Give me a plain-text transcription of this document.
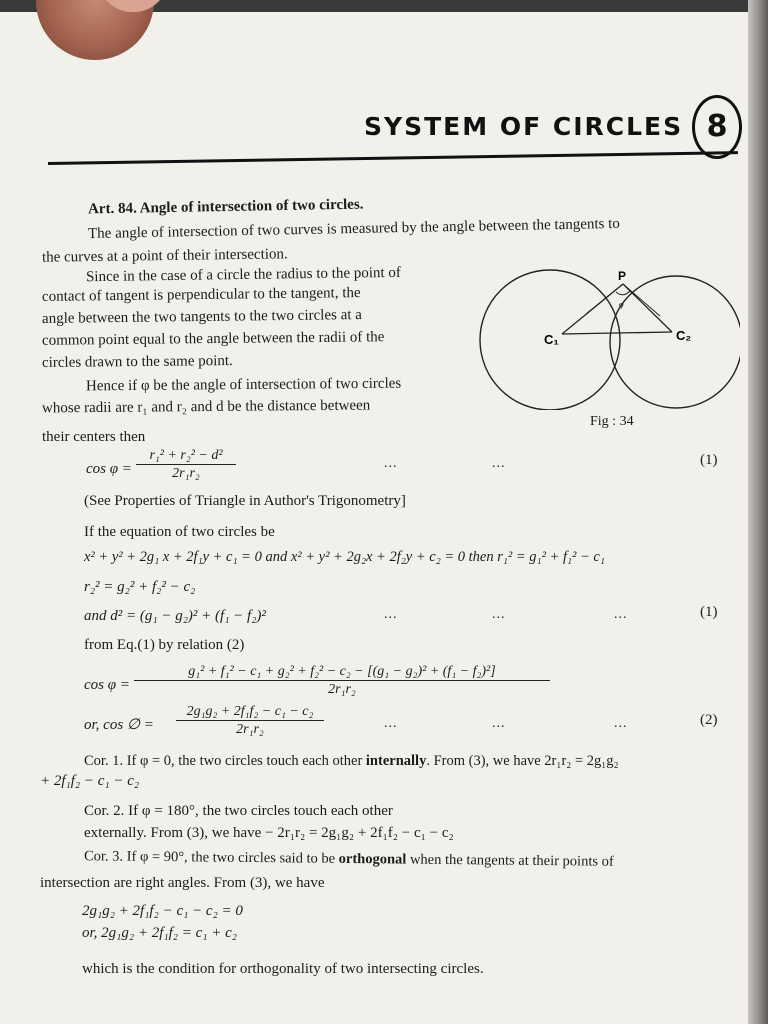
SYSTEM OF CIRCLES 8
Art. 84. Angle of intersection of two circles.
The angle of intersection of two curves is measured by the angle between the tangents to
the curves at a point of their intersection.
Since in the case of a circle the radius to the point of
contact of tangent is perpendicular to the tangent, the
angle between the two tangents to the two circles at a
common point equal to the angle between the radii of the
circles drawn to the same point.
Hence if φ be the angle of intersection of two circles
whose radii are r₁ and r₂ and d be the distance between
their centers then
P
φ
C₁	C₂
Fig : 34
$\cos \varphi = \frac{\text{r₁² + r₂² − d²}}{\text{2r₁r₂}}$	...	...	(1)
(See Properties of Triangle in Author's Trigonometry]
If the equation of two circles be
x² + y² + 2g₁ x + 2f₁y + c₁ = 0 and x² + y² + 2g₂x + 2f₂y + c₂ = 0 then r₁² = g₁² + f₁² − c₁
r₂² = g₂² + f₂² − c₂
and d² = (g₁ − g₂)² + (f₁ − f₂)²	...	...	...	(1)
from Eq.(1) by relation (2)
$\cos \varphi = \frac{\text{g₁² + f₁² − c₁ + g₂² + f₂² − c₂ − [(g₁ − g₂)² + (f₁ − f₂)²]}}{\text{2r₁r₂}}$
or, cos ∅ = $\frac{\text{2g₁g₂ + 2f₁f₂ − c₁ − c₂}}{\text{2r₁r₂}}$	...	...	...	(2)
Cor. 1. If φ = 0, the two circles touch each other internally. From (3), we have 2r₁r₂ = 2g₁g₂
+ 2f₁f₂ − c₁ − c₂
Cor. 2. If φ = 180°, the two circles touch each other
externally. From (3), we have − 2r₁r₂ = 2g₁g₂ + 2f₁f₂ − c₁ − c₂
Cor. 3. If φ = 90°, the two circles said to be orthogonal when the tangents at their points of
intersection are right angles. From (3), we have
2g₁g₂ + 2f₁f₂ − c₁ − c₂ = 0
or, 2g₁g₂ + 2f₁f₂ = c₁ + c₂
which is the condition for orthogonality of two intersecting circles.
